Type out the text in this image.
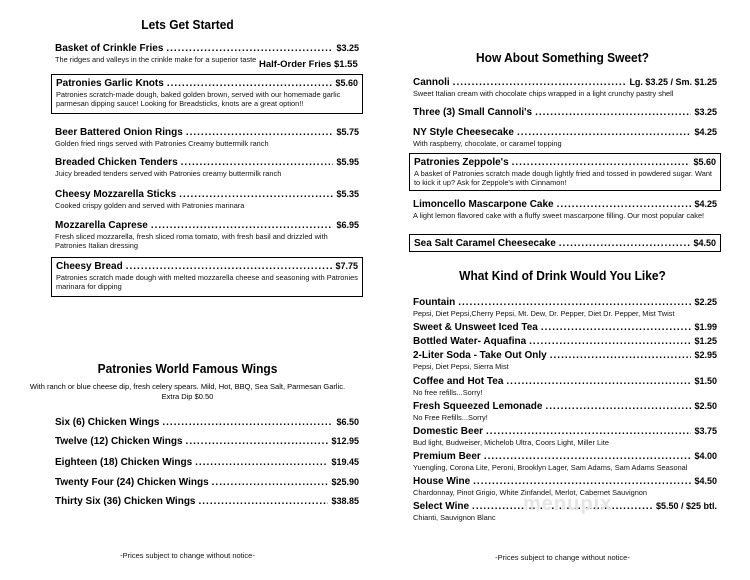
Lets Get Started
Basket of Crinkle Fries .....	$3.25
The ridges and valleys in the crinkle make for a superior taste Half-Order Fries $1.55
Patronies Garlic Knots .....	$5.60
Patronies scratch-made dough, baked golden brown, served with our homemade garlic parmesan dipping sauce! Looking for Breadsticks, knots are a great option!!
Beer Battered Onion Rings .....	$5.75
Golden fried rings served with Patronies Creamy buttermilk ranch
Breaded Chicken Tenders .....	$5.95
Juicy breaded tenders served with Patronies creamy buttermilk ranch
Cheesy Mozzarella Sticks .....	$5.35
Cooked crispy golden and served with Patronies marinara
Mozzarella Caprese .....	$6.95
Fresh sliced mozzarella, fresh sliced roma tomato, with fresh basil and drizzled with Patronies Italian dressing
Cheesy Bread .....	$7.75
Patronies scratch made dough with melted mozzarella cheese and seasoning with Patronies marinara for dipping
Patronies World Famous Wings
With ranch or blue cheese dip, fresh celery spears. Mild, Hot, BBQ, Sea Salt, Parmesan Garlic.
Extra Dip $0.50
Six (6) Chicken Wings .....	$6.50
Twelve (12) Chicken Wings .....	$12.95
Eighteen (18) Chicken Wings .....	$19.45
Twenty Four (24) Chicken Wings .....	$25.90
Thirty Six (36) Chicken Wings .....	$38.85
-Prices subject to change without notice-
How About Something Sweet?
Cannoli .....	Lg. $3.25 / Sm. $1.25
Sweet Italian cream with chocolate chips wrapped in a light crunchy pastry shell
Three (3) Small Cannoli's .....	$3.25
NY Style Cheesecake .....	$4.25
With raspberry, chocolate, or caramel topping
Patronies Zeppole's .....	$5.60
A basket of Patronies scratch made dough lightly fried and tossed in powdered sugar. Want to kick it up? Ask for Zeppole's with Cinnamon!
Limoncello Mascarpone Cake .....	$4.25
A light lemon flavored cake with a fluffy sweet mascarpone filling. Our most popular cake!
Sea Salt Caramel Cheesecake .....	$4.50
What Kind of Drink Would You Like?
Fountain .....	$2.25
Pepsi, Diet Pepsi,Cherry Pepsi, Mt. Dew, Dr. Pepper, Diet Dr. Pepper, Mist Twist
Sweet & Unsweet Iced Tea .....	$1.99
Bottled Water- Aquafina .....	$1.25
2-Liter Soda - Take Out Only .....	$2.95
Pepsi, Diet Pepsi, Sierra Mist
Coffee and Hot Tea .....	$1.50
No free refills...Sorry!
Fresh Squeezed Lemonade .....	$2.50
No Free Refills...Sorry!
Domestic Beer .....	$3.75
Bud light, Budweiser, Michelob Ultra, Coors Light, Miller Lite
Premium Beer .....	$4.00
Yuengling, Corona Lite, Peroni, Brooklyn Lager, Sam Adams, Sam Adams Seasonal
House Wine .....	$4.50
Chardonnay, Pinot Grigio, White Zinfandel, Merlot, Cabernet Sauvignon
Select Wine .....	$5.50 / $25 btl.
Chianti, Sauvignon Blanc
menupix
-Prices subject to change without notice-
